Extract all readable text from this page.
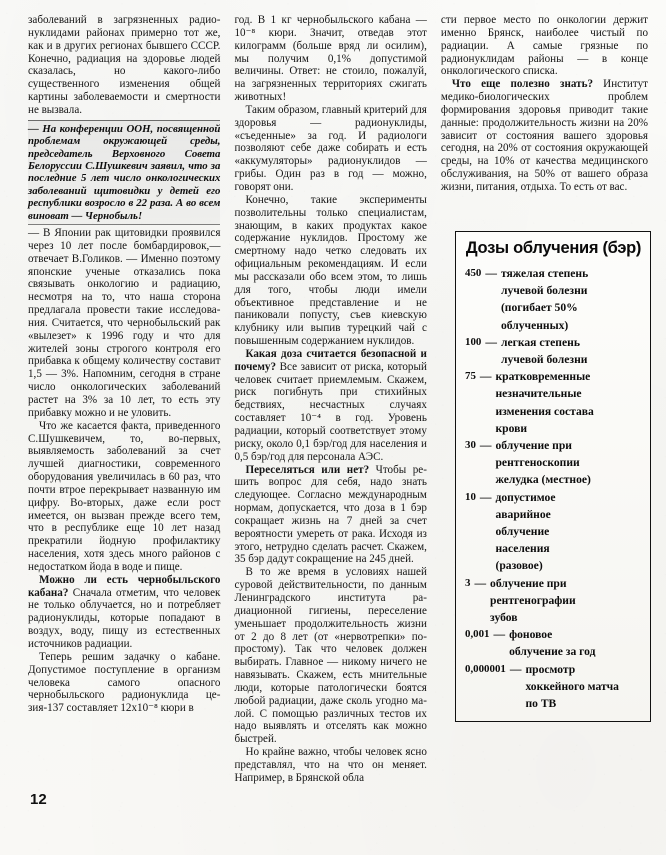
заболеваний в загрязненных радионуклидами районах примерно тот же, как и в других регионах бывшего СССР. Конечно, радиация на здоровье людей сказалась, но какого-либо существенного изменения общей картины заболеваемости и смертности не вызвала.

— На конференции ООН, посвященной проблемам окружающей среды, председатель Верховного Совета Белоруссии С.Шушкевич заявил, что за последние 5 лет число онкологических заболеваний щитовидки у детей его республики возросло в 22 раза. А во всем виноват — Чернобыль!

— В Японии рак щитовидки проявился через 10 лет после бомбардировок,— отвечает В.Голиков. — Именно поэтому японские ученые отказались пока связывать онкологию и радиацию, несмотря на то, что наша сторона предлагала провести такие исследования. Считается, что чернобыльский рак «вылезет» к 1996 году и что для жителей зоны строгого контроля его прибавка к общему количеству составит 1,5 — 3%. Напомним, сегодня в стране число онкологических заболеваний растет на 3% за 10 лет, то есть эту прибавку можно и не уловить.

Что же касается факта, приведенного С.Шушкевичем, то, во-первых, выявляемость заболеваний за счет лучшей диагностики, современного оборудования увеличилась в 60 раз, что почти втрое перекрывает названную им цифру. Во-вторых, даже если рост имеется, он вызван прежде всего тем, что в республике еще 10 лет назад прекратили йодную профилактику населения, хотя здесь много районов с недостатком йода в воде и пище.

Можно ли есть чернобыльского кабана? Сначала отметим, что человек не только облучается, но и потребляет радионуклиды, которые попадают в воздух, воду, пищу из естественных источников радиации.

Теперь решим задачку о кабане. Допустимое поступление в организм человека самого опасного чернобыльского радионуклида цезия-137 составляет 12x10⁻⁸ кюри в

год. В 1 кг чернобыльского кабана — 10⁻⁸ кюри. Значит, отведав этот килограмм (больше вряд ли осилим), мы получим 0,1% допустимой величины. Ответ: не стоило, пожалуй, на загрязненных территориях сжигать животных!

Таким образом, главный критерий для здоровья — радионуклиды, «съеденные» за год. И радиологи позволяют себе даже собирать и есть «аккумуляторы» радионуклидов — грибы. Один раз в год — можно, говорят они.

Конечно, такие эксперименты позволительны только специалистам, знающим, в каких продуктах какое содержание нуклидов. Простому же смертному надо четко следовать их официальным рекомендациям. И если мы рассказали обо всем этом, то лишь для того, чтобы люди имели объективное представление и не паниковали попусту, съев киевскую клубнику или выпив турецкий чай с повышенным содержанием нуклидов.

Какая доза считается безопасной и почему? Все зависит от риска, который человек считает приемлемым. Скажем, риск погибнуть при стихийных бедствиях, несчастных случаях составляет 10⁻⁴ в год. Уровень радиации, который соответствует этому риску, около 0,1 бэр/год для населения и 0,5 бэр/год для персонала АЭС.

Переселяться или нет? Чтобы решить вопрос для себя, надо знать следующее. Согласно международным нормам, допускается, что доза в 1 бэр сокращает жизнь на 7 дней за счет вероятности умереть от рака. Исходя из этого, нетрудно сделать расчет. Скажем, 35 бэр дадут сокращение на 245 дней.

В то же время в условиях нашей суровой действительности, по данным Ленинградского института радиационной гигиены, переселение уменьшает продолжительность жизни от 2 до 8 лет (от «нервотрепки» по-простому). Так что человек должен выбирать. Главное — никому ничего не навязывать. Скажем, есть мнительные люди, которые патологически боятся любой радиации, даже сколь угодно малой. С помощью различных тестов их надо выявлять и отселять как можно быстрей.

Но крайне важно, чтобы человек ясно представлял, что на что он меняет. Например, в Брянской обла

сти первое место по онкологии держит именно Брянск, наиболее чистый по радиации. А самые грязные по радионуклидам районы — в конце онкологического списка.

Что еще полезно знать? Институт медико-биологических проблем формирования здоровья приводит такие данные: продолжительность жизни на 20% зависит от состояния вашего здоровья сегодня, на 20% от состояния окружающей среды, на 10% от качества медицинского обслуживания, на 50% от вашего образа жизни, питания, отдыха. То есть от вас.

Дозы облучения (бэр)
450 — тяжелая степень
лучевой болезни
(погибает 50%
облученных)
100 — легкая степень
лучевой болезни
75 — кратковременные
незначительные
изменения состава
крови
30 — облучение при
рентгеноскопии
желудка (местное)
10 — допустимое
аварийное
облучение
населения
(разовое)
3 — облучение при
рентгенографии
зубов
0,001 — фоновое
облучение за год
0,000001 — просмотр
хоккейного матча
по ТВ
12
